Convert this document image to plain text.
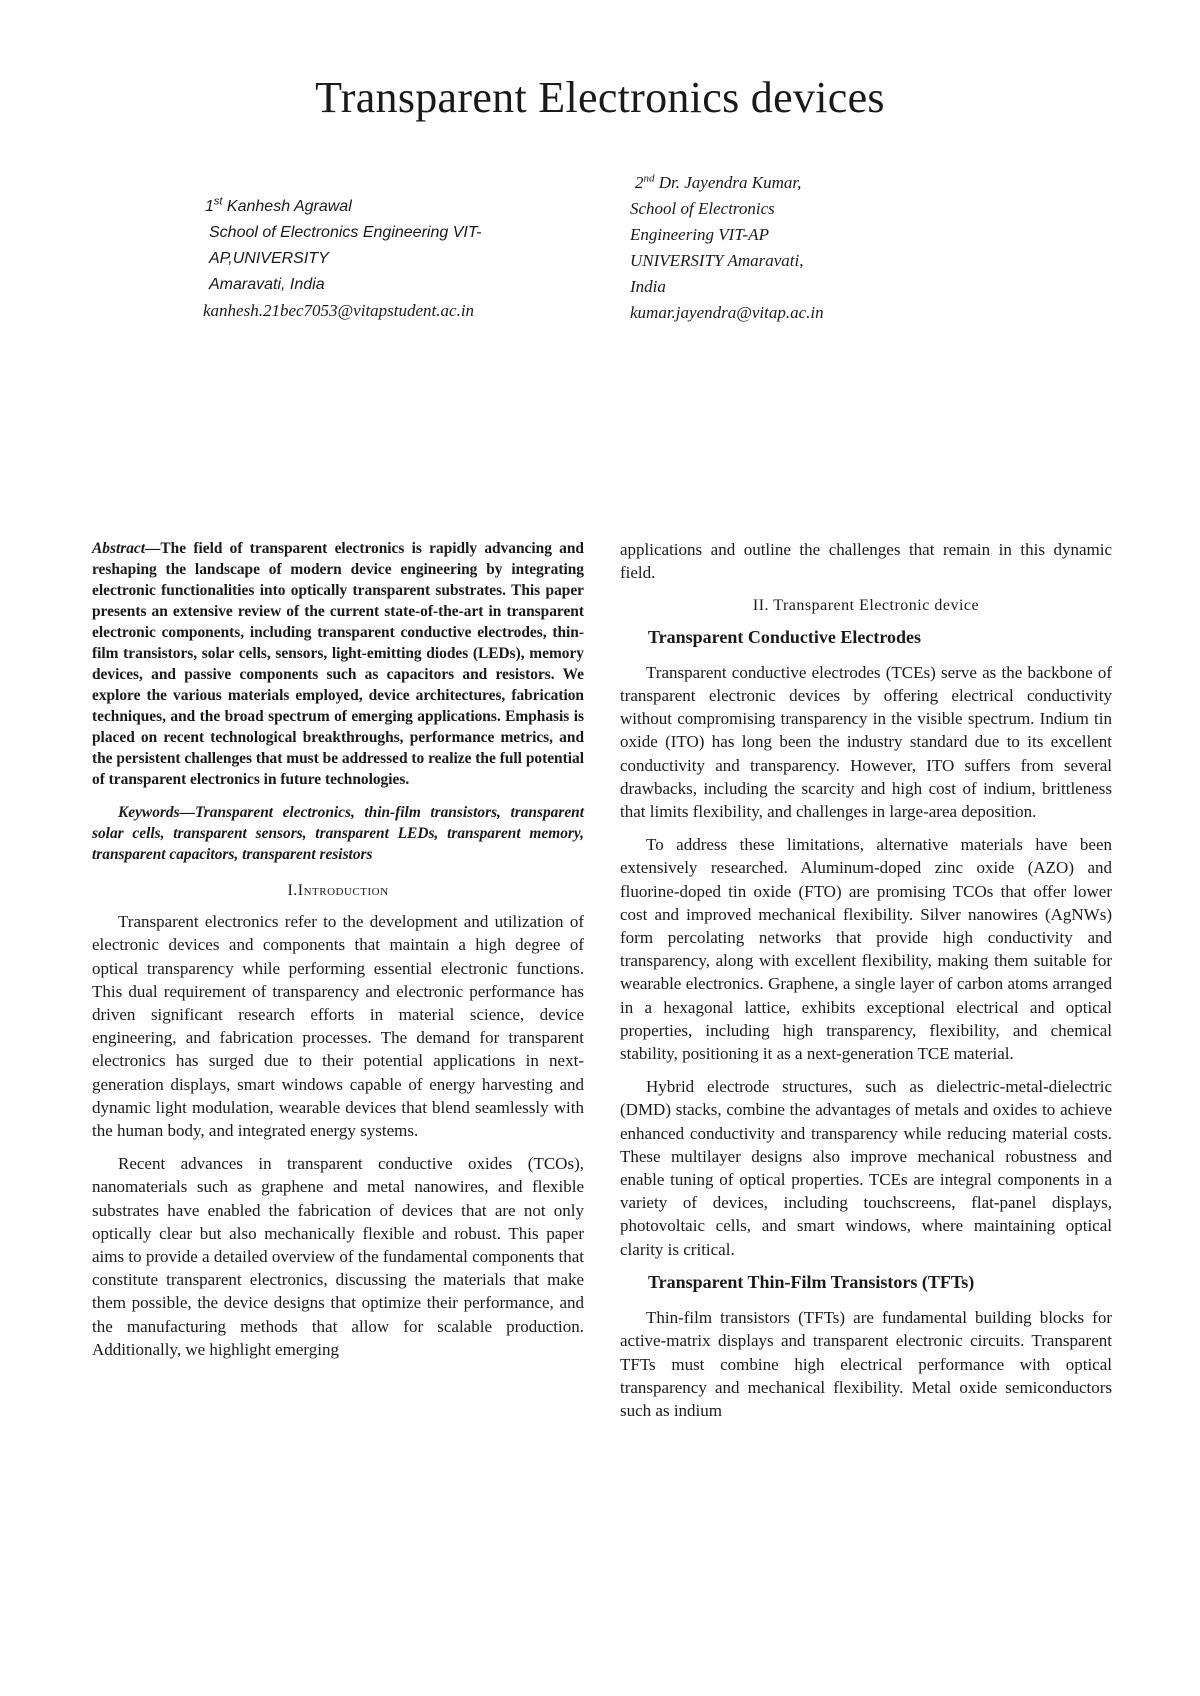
Transparent Electronics devices
1st Kanhesh Agrawal
School of Electronics Engineering VIT-
AP,UNIVERSITY
Amaravati, India
kanhesh.21bec7053@vitapstudent.ac.in
2nd Dr. Jayendra Kumar,
School of Electronics
Engineering VIT-AP
UNIVERSITY Amaravati,
India
kumar.jayendra@vitap.ac.in

Abstract—The field of transparent electronics is rapidly advancing and reshaping the landscape of modern device engineering by integrating electronic functionalities into optically transparent substrates. This paper presents an extensive review of the current state-of-the-art in transparent electronic components, including transparent conductive electrodes, thin-film transistors, solar cells, sensors, light-emitting diodes (LEDs), memory devices, and passive components such as capacitors and resistors. We explore the various materials employed, device architectures, fabrication techniques, and the broad spectrum of emerging applications. Emphasis is placed on recent technological breakthroughs, performance metrics, and the persistent challenges that must be addressed to realize the full potential of transparent electronics in future technologies.

Keywords—Transparent electronics, thin-film transistors, transparent solar cells, transparent sensors, transparent LEDs, transparent memory, transparent capacitors, transparent resistors

I.Introduction

Transparent electronics refer to the development and utilization of electronic devices and components that maintain a high degree of optical transparency while performing essential electronic functions. This dual requirement of transparency and electronic performance has driven significant research efforts in material science, device engineering, and fabrication processes. The demand for transparent electronics has surged due to their potential applications in next-generation displays, smart windows capable of energy harvesting and dynamic light modulation, wearable devices that blend seamlessly with the human body, and integrated energy systems.

Recent advances in transparent conductive oxides (TCOs), nanomaterials such as graphene and metal nanowires, and flexible substrates have enabled the fabrication of devices that are not only optically clear but also mechanically flexible and robust. This paper aims to provide a detailed overview of the fundamental components that constitute transparent electronics, discussing the materials that make them possible, the device designs that optimize their performance, and the manufacturing methods that allow for scalable production. Additionally, we highlight emerging

applications and outline the challenges that remain in this dynamic field.

II. Transparent Electronic device
Transparent Conductive Electrodes

Transparent conductive electrodes (TCEs) serve as the backbone of transparent electronic devices by offering electrical conductivity without compromising transparency in the visible spectrum. Indium tin oxide (ITO) has long been the industry standard due to its excellent conductivity and transparency. However, ITO suffers from several drawbacks, including the scarcity and high cost of indium, brittleness that limits flexibility, and challenges in large-area deposition.

To address these limitations, alternative materials have been extensively researched. Aluminum-doped zinc oxide (AZO) and fluorine-doped tin oxide (FTO) are promising TCOs that offer lower cost and improved mechanical flexibility. Silver nanowires (AgNWs) form percolating networks that provide high conductivity and transparency, along with excellent flexibility, making them suitable for wearable electronics. Graphene, a single layer of carbon atoms arranged in a hexagonal lattice, exhibits exceptional electrical and optical properties, including high transparency, flexibility, and chemical stability, positioning it as a next-generation TCE material.

Hybrid electrode structures, such as dielectric-metal-dielectric (DMD) stacks, combine the advantages of metals and oxides to achieve enhanced conductivity and transparency while reducing material costs. These multilayer designs also improve mechanical robustness and enable tuning of optical properties. TCEs are integral components in a variety of devices, including touchscreens, flat-panel displays, photovoltaic cells, and smart windows, where maintaining optical clarity is critical.

Transparent Thin-Film Transistors (TFTs)

Thin-film transistors (TFTs) are fundamental building blocks for active-matrix displays and transparent electronic circuits. Transparent TFTs must combine high electrical performance with optical transparency and mechanical flexibility. Metal oxide semiconductors such as indium
